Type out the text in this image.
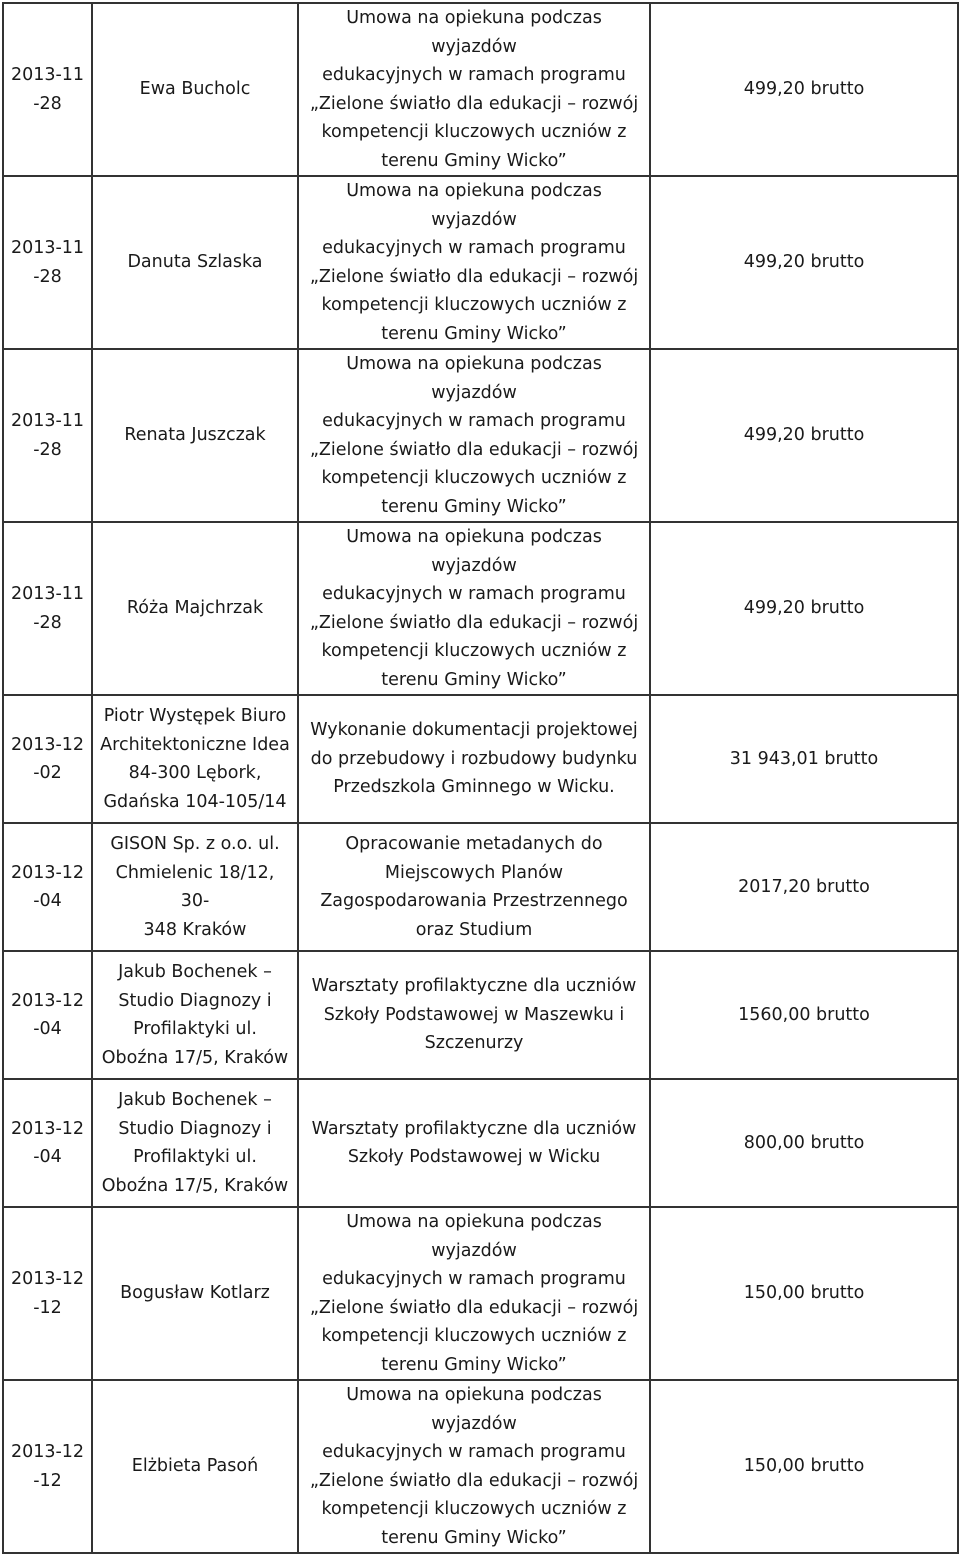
2013-11-28	Ewa Bucholc	Umowa na opiekuna podczas wyjazdów
edukacyjnych w ramach programu
„Zielone światło dla edukacji – rozwój
kompetencji kluczowych uczniów z
terenu Gminy Wicko”	499,20 brutto

2013-11-28	Danuta Szlaska	Umowa na opiekuna podczas wyjazdów
edukacyjnych w ramach programu
„Zielone światło dla edukacji – rozwój
kompetencji kluczowych uczniów z
terenu Gminy Wicko”	499,20 brutto

2013-11-28	Renata Juszczak	Umowa na opiekuna podczas wyjazdów
edukacyjnych w ramach programu
„Zielone światło dla edukacji – rozwój
kompetencji kluczowych uczniów z
terenu Gminy Wicko”	499,20 brutto

2013-11-28	Róża Majchrzak	Umowa na opiekuna podczas wyjazdów
edukacyjnych w ramach programu
„Zielone światło dla edukacji – rozwój
kompetencji kluczowych uczniów z
terenu Gminy Wicko”	499,20 brutto

2013-12-02	Piotr Występek Biuro
Architektoniczne Idea
84-300 Lębork,
Gdańska 104-105/14	Wykonanie dokumentacji projektowej
do przebudowy i rozbudowy budynku
Przedszkola Gminnego w Wicku.	31 943,01 brutto

2013-12-04	GISON Sp. z o.o. ul.
Chmielenic 18/12, 30-
348 Kraków	Opracowanie metadanych do
Miejscowych Planów
Zagospodarowania Przestrzennego
oraz Studium	2017,20 brutto

2013-12-04	Jakub Bochenek –
Studio Diagnozy i
Profilaktyki ul.
Oboźna 17/5, Kraków	Warsztaty profilaktyczne dla uczniów
Szkoły Podstawowej w Maszewku i
Szczenurzy	1560,00 brutto

2013-12-04	Jakub Bochenek –
Studio Diagnozy i
Profilaktyki ul.
Oboźna 17/5, Kraków	Warsztaty profilaktyczne dla uczniów
Szkoły Podstawowej w Wicku	800,00 brutto

2013-12-12	Bogusław Kotlarz	Umowa na opiekuna podczas wyjazdów
edukacyjnych w ramach programu
„Zielone światło dla edukacji – rozwój
kompetencji kluczowych uczniów z
terenu Gminy Wicko”	150,00 brutto

2013-12-12	Elżbieta Pasoń	Umowa na opiekuna podczas wyjazdów
edukacyjnych w ramach programu
„Zielone światło dla edukacji – rozwój
kompetencji kluczowych uczniów z
terenu Gminy Wicko”	150,00 brutto
